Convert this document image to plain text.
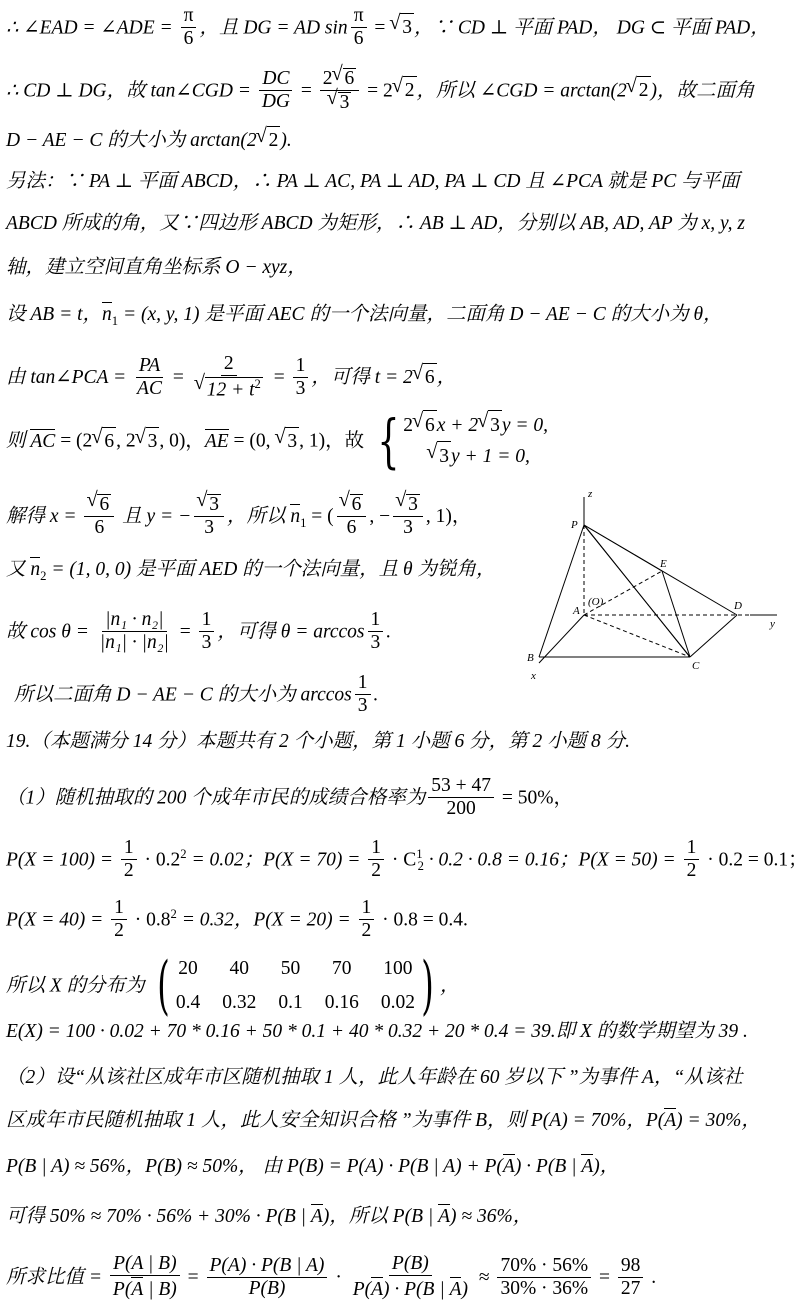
∴ ∠EAD = ∠ADE = $\frac{\pi}{6}$ ，且 DG = AD $\sin \frac{\pi}{6}$ = √ 3 ，∵ CD ⊥ 平面 PAD， DG ⊂ 平面 PAD，
∴ CD ⊥ DG，故 tan∠CGD = $\frac{DC}{DG} = 2√$ 6
√ 3 = 2√ 2 ，所以 ∠CGD = arctan(2√ 2 )，故二面角
D − AE − C 的大小为 arctan(2√ 2 ).
另法：∵ PA ⊥ 平面 ABCD，∴ PA ⊥ AC, PA ⊥ AD, PA ⊥ CD 且 ∠PCA 就是 PC 与平面
ABCD 所成的角，又∵四边形 ABCD 为矩形，∴ AB ⊥ AD，分别以 AB, AD, AP 为 x, y, z
轴，建立空间直角坐标系 O − xyz，
设 AB = t，$n_1 = (x$, y, 1) 是平面 AEC 的一个法向量，二面角 D − AE − C 的大小为 θ，
由 tan∠PCA = $\frac{PA}{AC} = 2$
√ $12 + t^2 = \frac{1}{3}$ ，可得 t = 2√ 6 ，
则 AC = (2√ 6 , 2√ 3 , 0)，AE = (0, √ 3 , 1)，故 { 2√ 6 x + 2√ 3 y = 0,
√ 3 y + 1 = 0,
解得 x =
√ $\frac{6}{6}$ 且 y = −
√ $\frac{3}{3}$ ，所以 $n_1$ = (
√ $\frac{6}{6}$ , −
√ $\frac{3}{3}$ , 1)，
又 $n_2 = (1$, 0, 0) 是平面 AED 的一个法向量，且 θ 为锐角，
故 $\cos \theta = \frac{\text{|n₁ · n₂|}}{\text{|n₁| · |n₂|}} = \frac{1}{3}$ ，可得 $\theta = \arccos \frac{1}{3}$ .
所以二面角 D − AE − C 的大小为 $\arccos \frac{1}{3}$ .
z
P
E
(O)
A	D
y
B
C
x
19.（本题满分 14 分）本题共有 2 个小题，第 1 小题 6 分，第 2 小题 8 分.
（1）随机抽取的 200 个成年市民的成绩合格率为 $\frac{53 + 47}{200} = 50\%$，
$P(X = 100) = \frac{1}{2} \cdot 0.2^2 = 0.02$；$P(X = 70) = \frac{1}{2} \cdot C^1_2 \cdot 0.2 \cdot 0.8 = 0.16$；$P(X = 50) = \frac{1}{2} \cdot 0.2 = 0.1$；
$P(X = 40) = \frac{1}{2} \cdot 0.8^2 = 0.32$，$P(X = 20) = \frac{1}{2} \cdot 0.8 = 0.4$.
所以 X 的分布为 ( 20	40	50	70	100
0.4 0.32 0.1 0.16 0.02 ) ，
E(X) = 100 · 0.02 + 70 * 0.16 + 50 * 0.1 + 40 * 0.32 + 20 * 0.4 = 39.即 X 的数学期望为 39 .
（2）设“从该社区成年市区随机抽取 1 人，此人年龄在 60 岁以下 ”为事件 A，“从该社
区成年市民随机抽取 1 人，此人安全知识合格 ”为事件 B，则 P(A) = 70%，P(A) = 30%，
P(B | A) ≈ 56%，P(B) ≈ 50%， 由 P(B) = P(A) · P(B | A) + P(A) · P(B | A)，
可得 50% ≈ 70% · 56% + 30% · P(B | A)，所以 P(B | A) ≈ 36%，
所求比值 = $\frac{P(A | B)}{P(A | B)} = \frac{P(A) \cdot P(B | A)}{P(B)} \cdot \frac{P(B)}{P(A) \cdot P(B | A)} \approx \frac{70\% \cdot 56\%}{30\% \cdot 36\%} = \frac{98}{27}$ .
